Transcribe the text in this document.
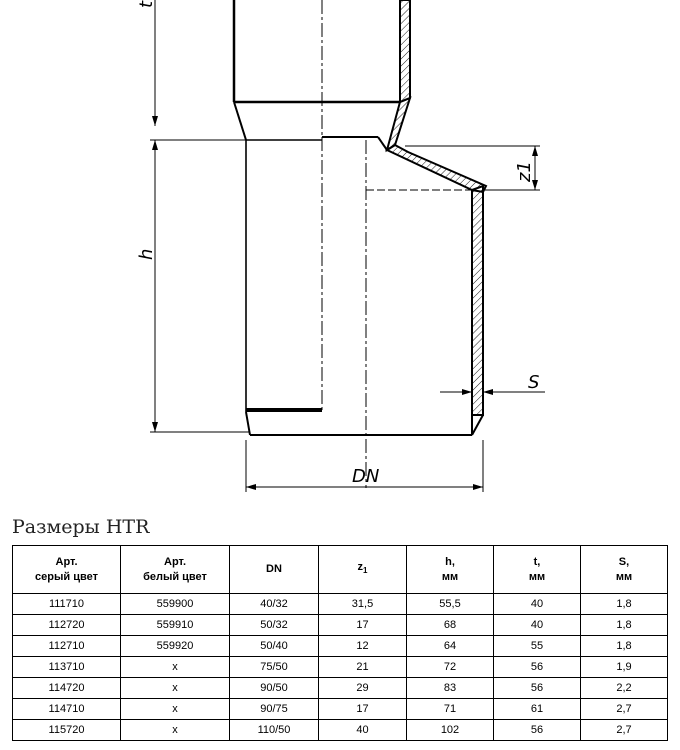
t
h
z1
S
DN
Размеры HTR
Арт.
серый цвет	Арт.
белый цвет	DN	$z_1$	h,
мм	t,
мм	S,
мм
111710	559900	40/32	31,5	55,5	40	1,8
112720	559910	50/32	17	68	40	1,8
112710	559920	50/40	12	64	55	1,8
113710	x	75/50	21	72	56	1,9
114720	x	90/50	29	83	56	2,2
114710	x	90/75	17	71	61	2,7
115720	x	110/50	40	102	56	2,7
